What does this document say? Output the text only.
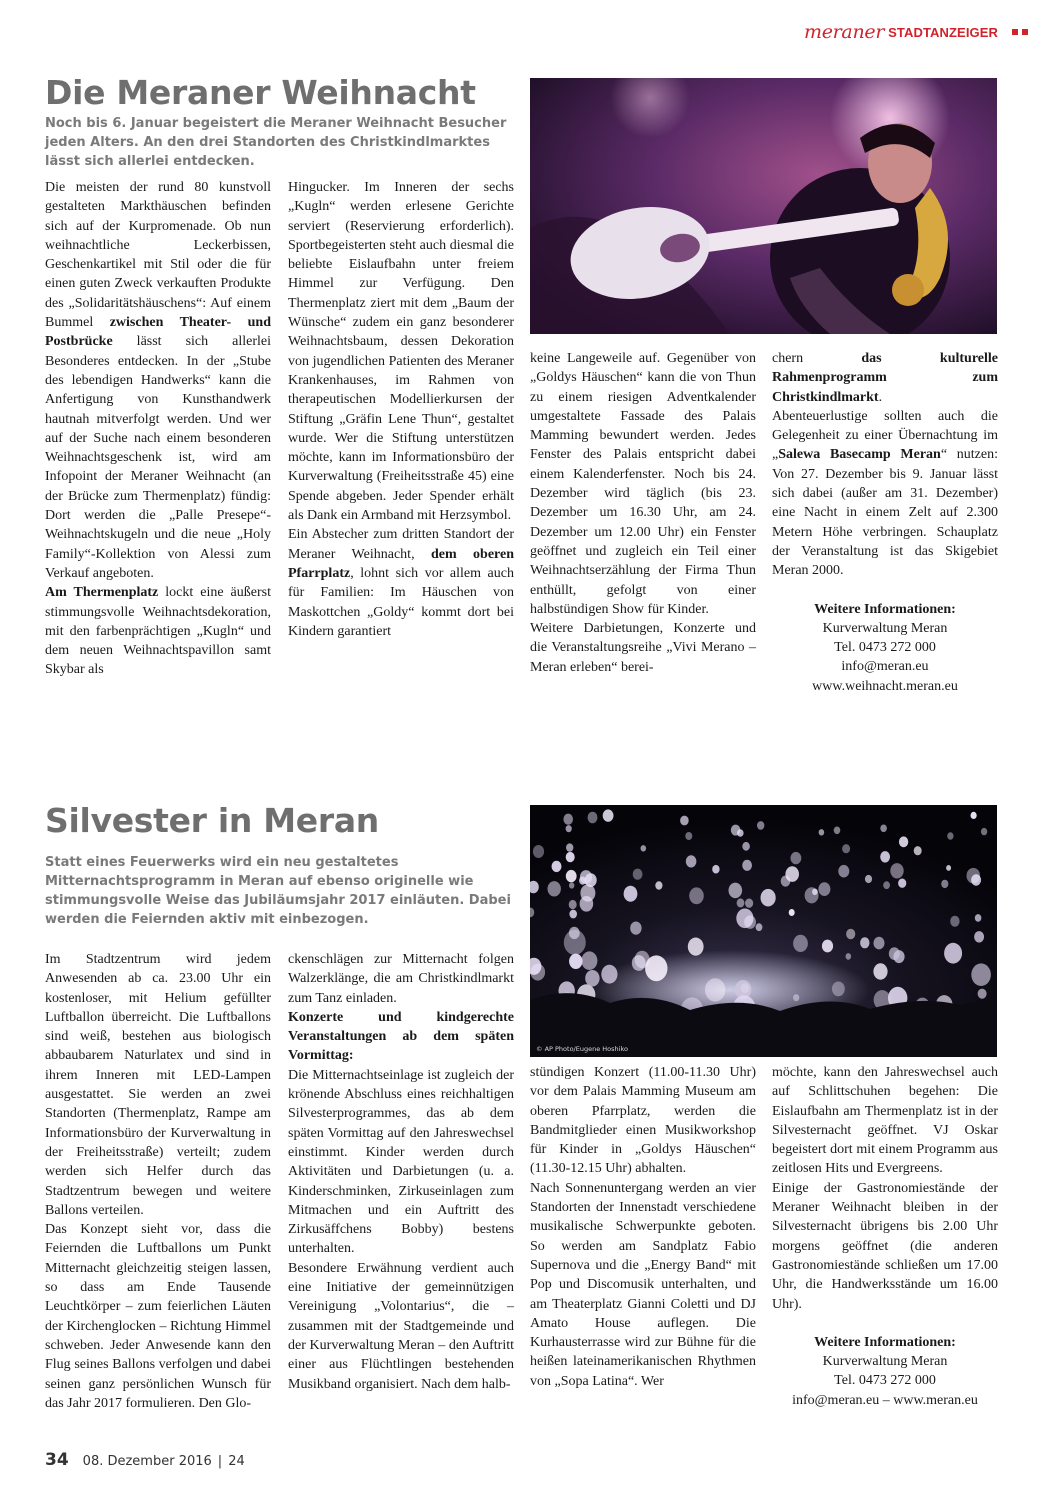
meraner STADTANZEIGER
Die Meraner Weihnacht

Noch bis 6. Januar begeistert die Meraner Weihnacht Besucher jeden Alters. An den drei Standorten des Christkindlmarktes lässt sich allerlei entdecken.

Die meisten der rund 80 kunstvoll gestalteten Markthäuschen befinden sich auf der Kurpromenade. Ob nun weihnachtliche Leckerbissen, Geschenkartikel mit Stil oder die für einen guten Zweck verkauften Produkte des „Solidaritätshäuschens“: Auf einem Bummel zwischen Theater- und Postbrücke lässt sich allerlei Besonderes entdecken. In der „Stube des lebendigen Handwerks“ kann die Anfertigung von Kunsthandwerk hautnah mitverfolgt werden. Und wer auf der Suche nach einem besonderen Weihnachtsgeschenk ist, wird am Infopoint der Meraner Weihnacht (an der Brücke zum Thermenplatz) fündig: Dort werden die „Palle Presepe“-Weihnachtskugeln und die neue „Holy Family“-Kollektion von Alessi zum Verkauf angeboten.

Am Thermenplatz lockt eine äußerst stimmungsvolle Weihnachtsdekoration, mit den farbenprächtigen „Kugln“ und dem neuen Weihnachtspavillon samt Skybar als

Hingucker. Im Inneren der sechs „Kugln“ werden erlesene Gerichte serviert (Reservierung erforderlich). Sportbegeisterten steht auch diesmal die beliebte Eislaufbahn unter freiem Himmel zur Verfügung. Den Thermenplatz ziert mit dem „Baum der Wünsche“ zudem ein ganz besonderer Weihnachtsbaum, dessen Dekoration von jugendlichen Patienten des Meraner Krankenhauses, im Rahmen von therapeutischen Modellierkursen der Stiftung „Gräfin Lene Thun“, gestaltet wurde. Wer die Stiftung unterstützen möchte, kann im Informationsbüro der Kurverwaltung (Freiheitsstraße 45) eine Spende abgeben. Jeder Spender erhält als Dank ein Armband mit Herzsymbol.

Ein Abstecher zum dritten Standort der Meraner Weihnacht, dem oberen Pfarrplatz, lohnt sich vor allem auch für Familien: Im Häuschen von Maskottchen „Goldy“ kommt dort bei Kindern garantiert

keine Langeweile auf. Gegenüber von „Goldys Häuschen“ kann die von Thun zu einem riesigen Adventkalender umgestaltete Fassade des Palais Mamming bewundert werden. Jedes Fenster des Palais entspricht dabei einem Kalenderfenster. Noch bis 24. Dezember wird täglich (bis 23. Dezember um 16.30 Uhr, am 24. Dezember um 12.00 Uhr) ein Fenster geöffnet und zugleich ein Teil einer Weihnachtserzählung der Firma Thun enthüllt, gefolgt von einer halbstündigen Show für Kinder.

Weitere Darbietungen, Konzerte und die Veranstaltungsreihe „Vivi Merano – Meran erleben“ berei-

chern das kulturelle Rahmenprogramm zum Christkindlmarkt.

Abenteuerlustige sollten auch die Gelegenheit zu einer Übernachtung im „Salewa Basecamp Meran“ nutzen: Von 27. Dezember bis 9. Januar lässt sich dabei (außer am 31. Dezember) eine Nacht in einem Zelt auf 2.300 Metern Höhe verbringen. Schauplatz der Veranstaltung ist das Skigebiet Meran 2000.

Weitere Informationen:
Kurverwaltung Meran
Tel. 0473 272 000
info@meran.eu
www.weihnacht.meran.eu

Silvester in Meran

Statt eines Feuerwerks wird ein neu gestaltetes Mitternachtsprogramm in Meran auf ebenso originelle wie stimmungsvolle Weise das Jubiläumsjahr 2017 einläuten. Dabei werden die Feiernden aktiv mit einbezogen.

© AP Photo/Eugene Hoshiko

Im Stadtzentrum wird jedem Anwesenden ab ca. 23.00 Uhr ein kostenloser, mit Helium gefüllter Luftballon überreicht. Die Luftballons sind weiß, bestehen aus biologisch abbaubarem Naturlatex und sind in ihrem Inneren mit LED-Lampen ausgestattet. Sie werden an zwei Standorten (Thermenplatz, Rampe am Informationsbüro der Kurverwaltung in der Freiheitsstraße) verteilt; zudem werden sich Helfer durch das Stadtzentrum bewegen und weitere Ballons verteilen.

Das Konzept sieht vor, dass die Feiernden die Luftballons um Punkt Mitternacht gleichzeitig steigen lassen, so dass am Ende Tausende Leuchtkörper – zum feierlichen Läuten der Kirchenglocken – Richtung Himmel schweben. Jeder Anwesende kann den Flug seines Ballons verfolgen und dabei seinen ganz persönlichen Wunsch für das Jahr 2017 formulieren. Den Glo-

ckenschlägen zur Mitternacht folgen Walzerklänge, die am Christkindlmarkt zum Tanz einladen.

Konzerte und kindgerechte Veranstaltungen ab dem späten Vormittag:

Die Mitternachtseinlage ist zugleich der krönende Abschluss eines reichhaltigen Silvesterprogrammes, das ab dem späten Vormittag auf den Jahreswechsel einstimmt. Kinder werden durch Aktivitäten und Darbietungen (u. a. Kinderschminken, Zirkuseinlagen zum Mitmachen und ein Auftritt des Zirkusäffchens Bobby) bestens unterhalten.

Besondere Erwähnung verdient auch eine Initiative der gemeinnützigen Vereinigung „Volontarius“, die – zusammen mit der Stadtgemeinde und der Kurverwaltung Meran – den Auftritt einer aus Flüchtlingen bestehenden Musikband organisiert. Nach dem halb-

stündigen Konzert (11.00-11.30 Uhr) vor dem Palais Mamming Museum am oberen Pfarrplatz, werden die Bandmitglieder einen Musikworkshop für Kinder in „Goldys Häuschen“ (11.30-12.15 Uhr) abhalten.

Nach Sonnenuntergang werden an vier Standorten der Innenstadt verschiedene musikalische Schwerpunkte geboten. So werden am Sandplatz Fabio Supernova und die „Energy Band“ mit Pop und Discomusik unterhalten, und am Theaterplatz Gianni Coletti und DJ Amato House auflegen. Die Kurhausterrasse wird zur Bühne für die heißen lateinamerikanischen Rhythmen von „Sopa Latina“. Wer

möchte, kann den Jahreswechsel auch auf Schlittschuhen begehen: Die Eislaufbahn am Thermenplatz ist in der Silvesternacht geöffnet. VJ Oskar begeistert dort mit einem Programm aus zeitlosen Hits und Evergreens.

Einige der Gastronomiestände der Meraner Weihnacht bleiben in der Silvesternacht übrigens bis 2.00 Uhr morgens geöffnet (die anderen Gastronomiestände schließen um 17.00 Uhr, die Handwerksstände um 16.00 Uhr).

Weitere Informationen:
Kurverwaltung Meran
Tel. 0473 272 000
info@meran.eu – www.meran.eu

34 08. Dezember 2016 | 24
